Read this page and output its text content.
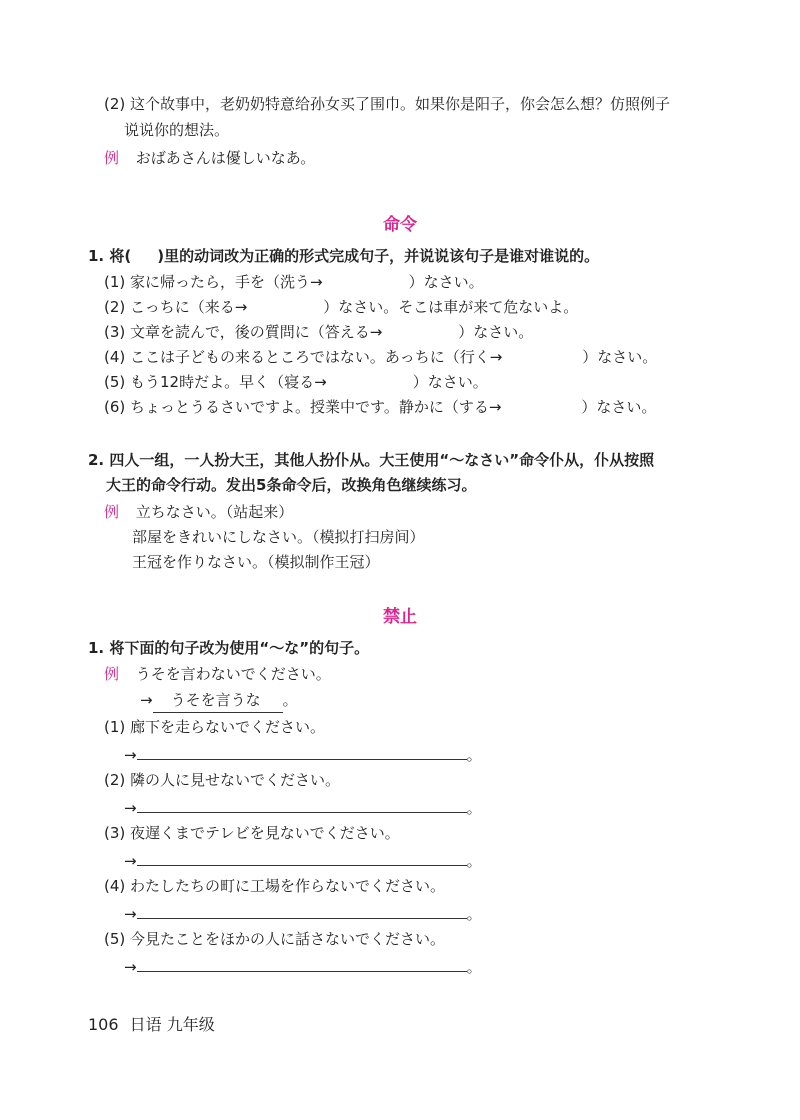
(2) 这个故事中，老奶奶特意给孙女买了围巾。如果你是阳子，你会怎么想？仿照例子
说说你的想法。
例 おばあさんは優しいなあ。
命令
1. 将( )里的动词改为正确的形式完成句子，并说说该句子是谁对谁说的。
(1) 家に帰ったら，手を（洗う→	）なさい。
(2) こっちに（来る→	）なさい。そこは車が来て危ないよ。
(3) 文章を読んで，後の質問に（答える→	）なさい。
(4) ここは子どもの来るところではない。あっちに（行く→	）なさい。
(5) もう12時だよ。早く（寝る→	）なさい。
(6) ちょっとうるさいですよ。授業中です。静かに（する→	）なさい。
2. 四人一组，一人扮大王，其他人扮仆从。大王使用“～なさい”命令仆从，仆从按照
大王的命令行动。发出5条命令后，改换角色继续练习。
例 立ちなさい。（站起来）
部屋をきれいにしなさい。（模拟打扫房间）
王冠を作りなさい。（模拟制作王冠）
禁止
1. 将下面的句子改为使用“～な”的句子。
例 うそを言わないでください。
→ うそを言うな 。
(1) 廊下を走らないでください。
→	。
(2) 隣の人に見せないでください。
→	。
(3) 夜遅くまでテレビを見ないでください。
→	。
(4) わたしたちの町に工場を作らないでください。
→	。
(5) 今見たことをほかの人に話さないでください。
→	。
106 日语 九年级
